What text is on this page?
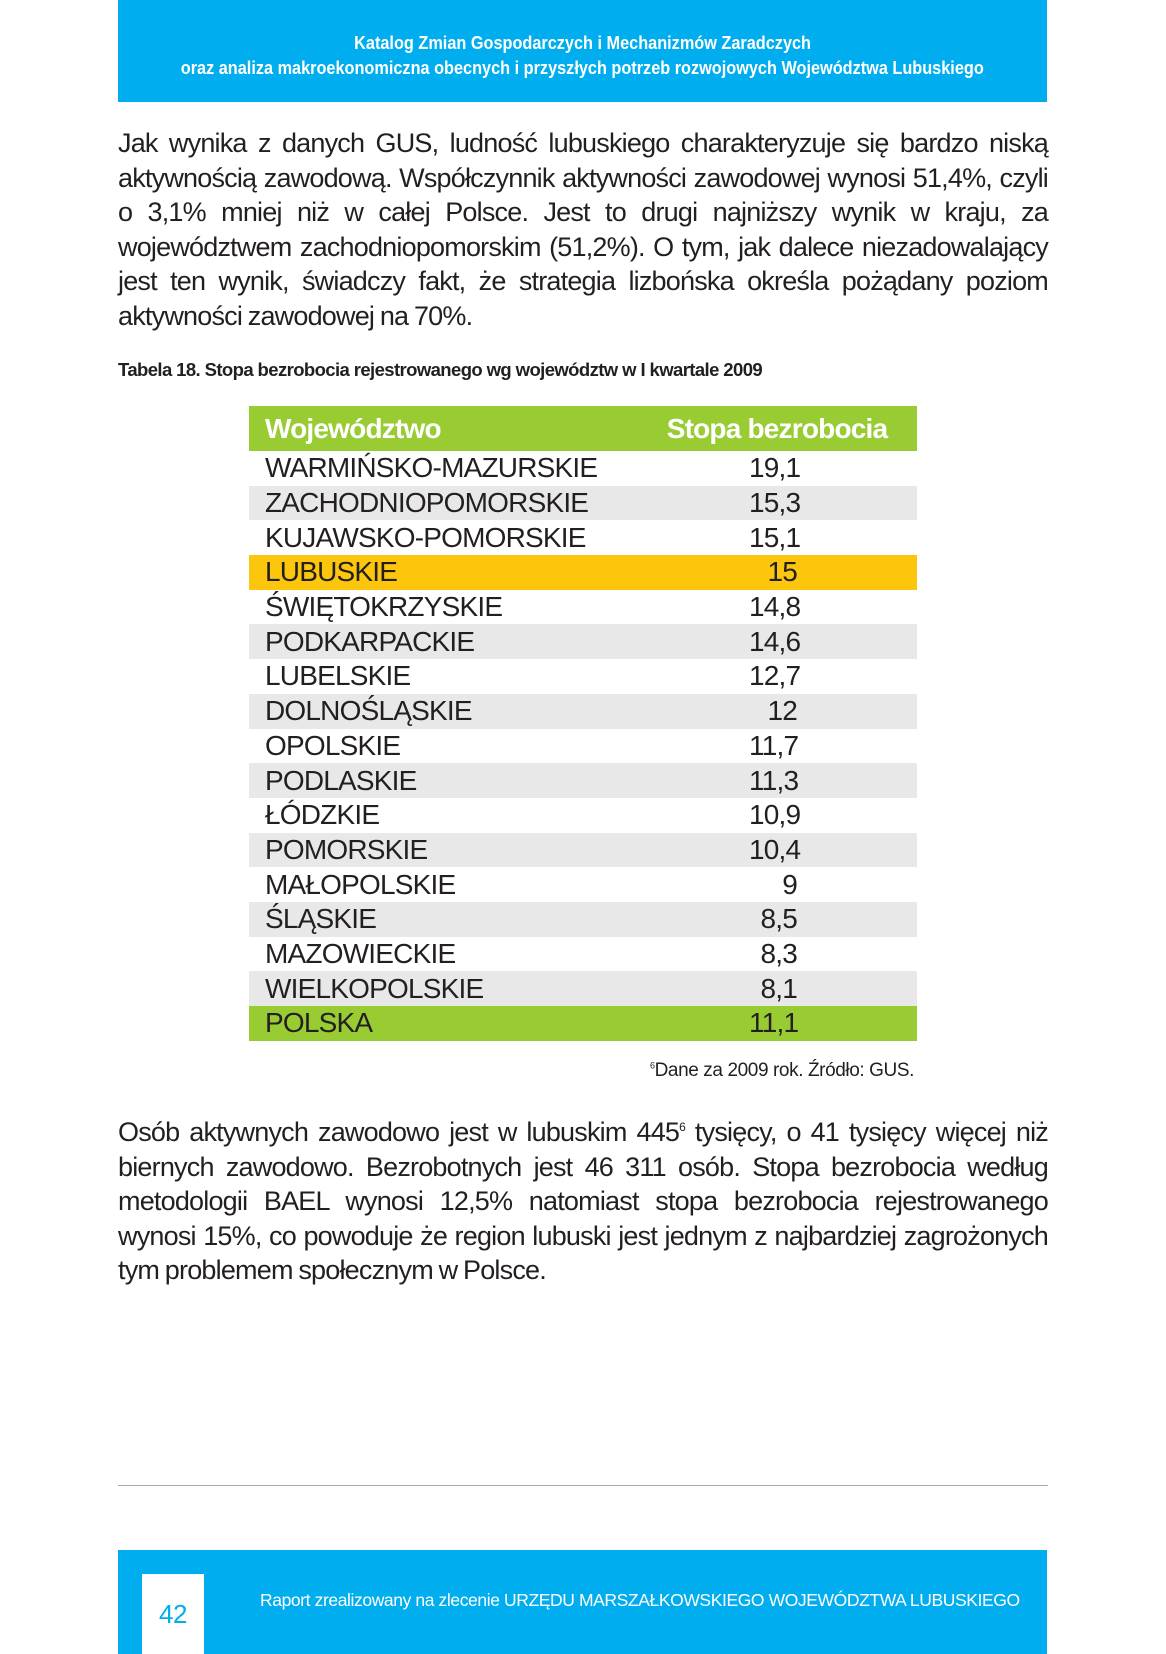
Katalog Zmian Gospodarczych i Mechanizmów Zaradczych
oraz analiza makroekonomiczna obecnych i przyszłych potrzeb rozwojowych Województwa Lubuskiego
Jak wynika z danych GUS, ludność lubuskiego charakteryzuje się bardzo niską aktywnością zawodową. Współczynnik aktywności zawodowej wynosi 51,4%, czyli o 3,1% mniej niż w całej Polsce. Jest to drugi najniższy wynik w kraju, za województwem zachodniopomorskim (51,2%). O tym, jak dalece niezadowalający jest ten wynik, świadczy fakt, że strategia lizbońska określa pożądany poziom aktywności zawodowej na 70%.
Tabela 18. Stopa bezrobocia rejestrowanego wg województw w I kwartale 2009
Województwo	Stopa bezrobocia
WARMIŃSKO-MAZURSKIE	19,1
ZACHODNIOPOMORSKIE	15,3
KUJAWSKO-POMORSKIE	15,1
LUBUSKIE	15
ŚWIĘTOKRZYSKIE	14,8
PODKARPACKIE	14,6
LUBELSKIE	12,7
DOLNOŚLĄSKIE	12
OPOLSKIE	11,7
PODLASKIE	11,3
ŁÓDZKIE	10,9
POMORSKIE	10,4
MAŁOPOLSKIE	9
ŚLĄSKIE	8,5
MAZOWIECKIE	8,3
WIELKOPOLSKIE	8,1
POLSKA	11,1
$^6$Dane za 2009 rok. Źródło: GUS.
Osób aktywnych zawodowo jest w lubuskim 445$^6$ tysięcy, o 41 tysięcy więcej niż biernych zawodowo. Bezrobotnych jest 46 311 osób. Stopa bezrobocia według metodologii BAEL wynosi 12,5% natomiast stopa bezrobocia rejestrowanego wynosi 15%, co powoduje że region lubuski jest jednym z najbardziej zagrożonych tym problemem społecznym w Polsce.
42	Raport zrealizowany na zlecenie URZĘDU MARSZAŁKOWSKIEGO WOJEWÓDZTWA LUBUSKIEGO
